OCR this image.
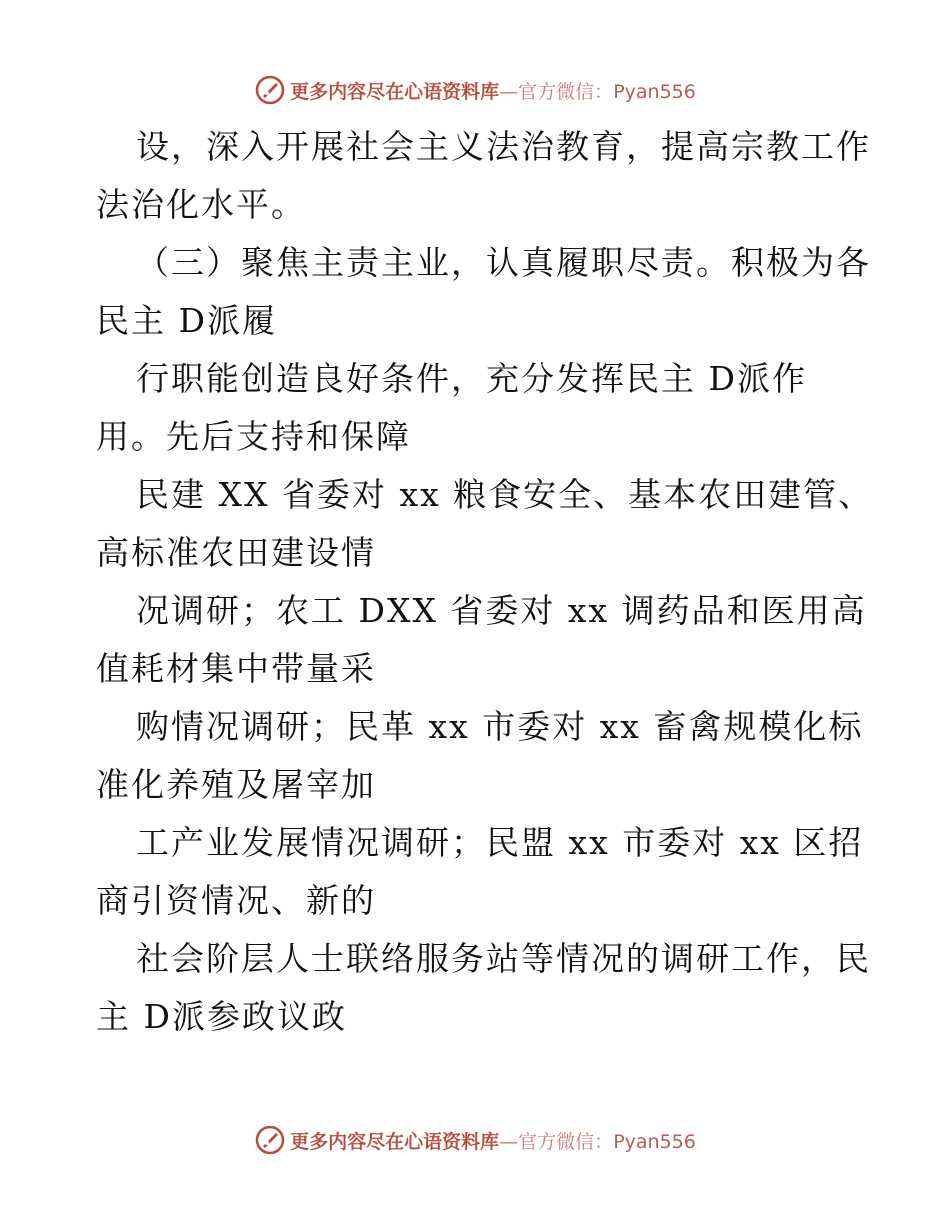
更多内容尽在心语资料库—官方微信：Pyan556
设，深入开展社会主义法治教育，提高宗教工作
法治化水平。
（三）聚焦主责主业，认真履职尽责。积极为各
民主 D派履
行职能创造良好条件，充分发挥民主 D派作
用。先后支持和保障
民建 XX 省委对 xx 粮食安全、基本农田建管、
高标准农田建设情
况调研；农工 DXX 省委对 xx 调药品和医用高
值耗材集中带量采
购情况调研；民革 xx 市委对 xx 畜禽规模化标
准化养殖及屠宰加
工产业发展情况调研；民盟 xx 市委对 xx 区招
商引资情况、新的
社会阶层人士联络服务站等情况的调研工作，民
主 D派参政议政
更多内容尽在心语资料库—官方微信：Pyan556
